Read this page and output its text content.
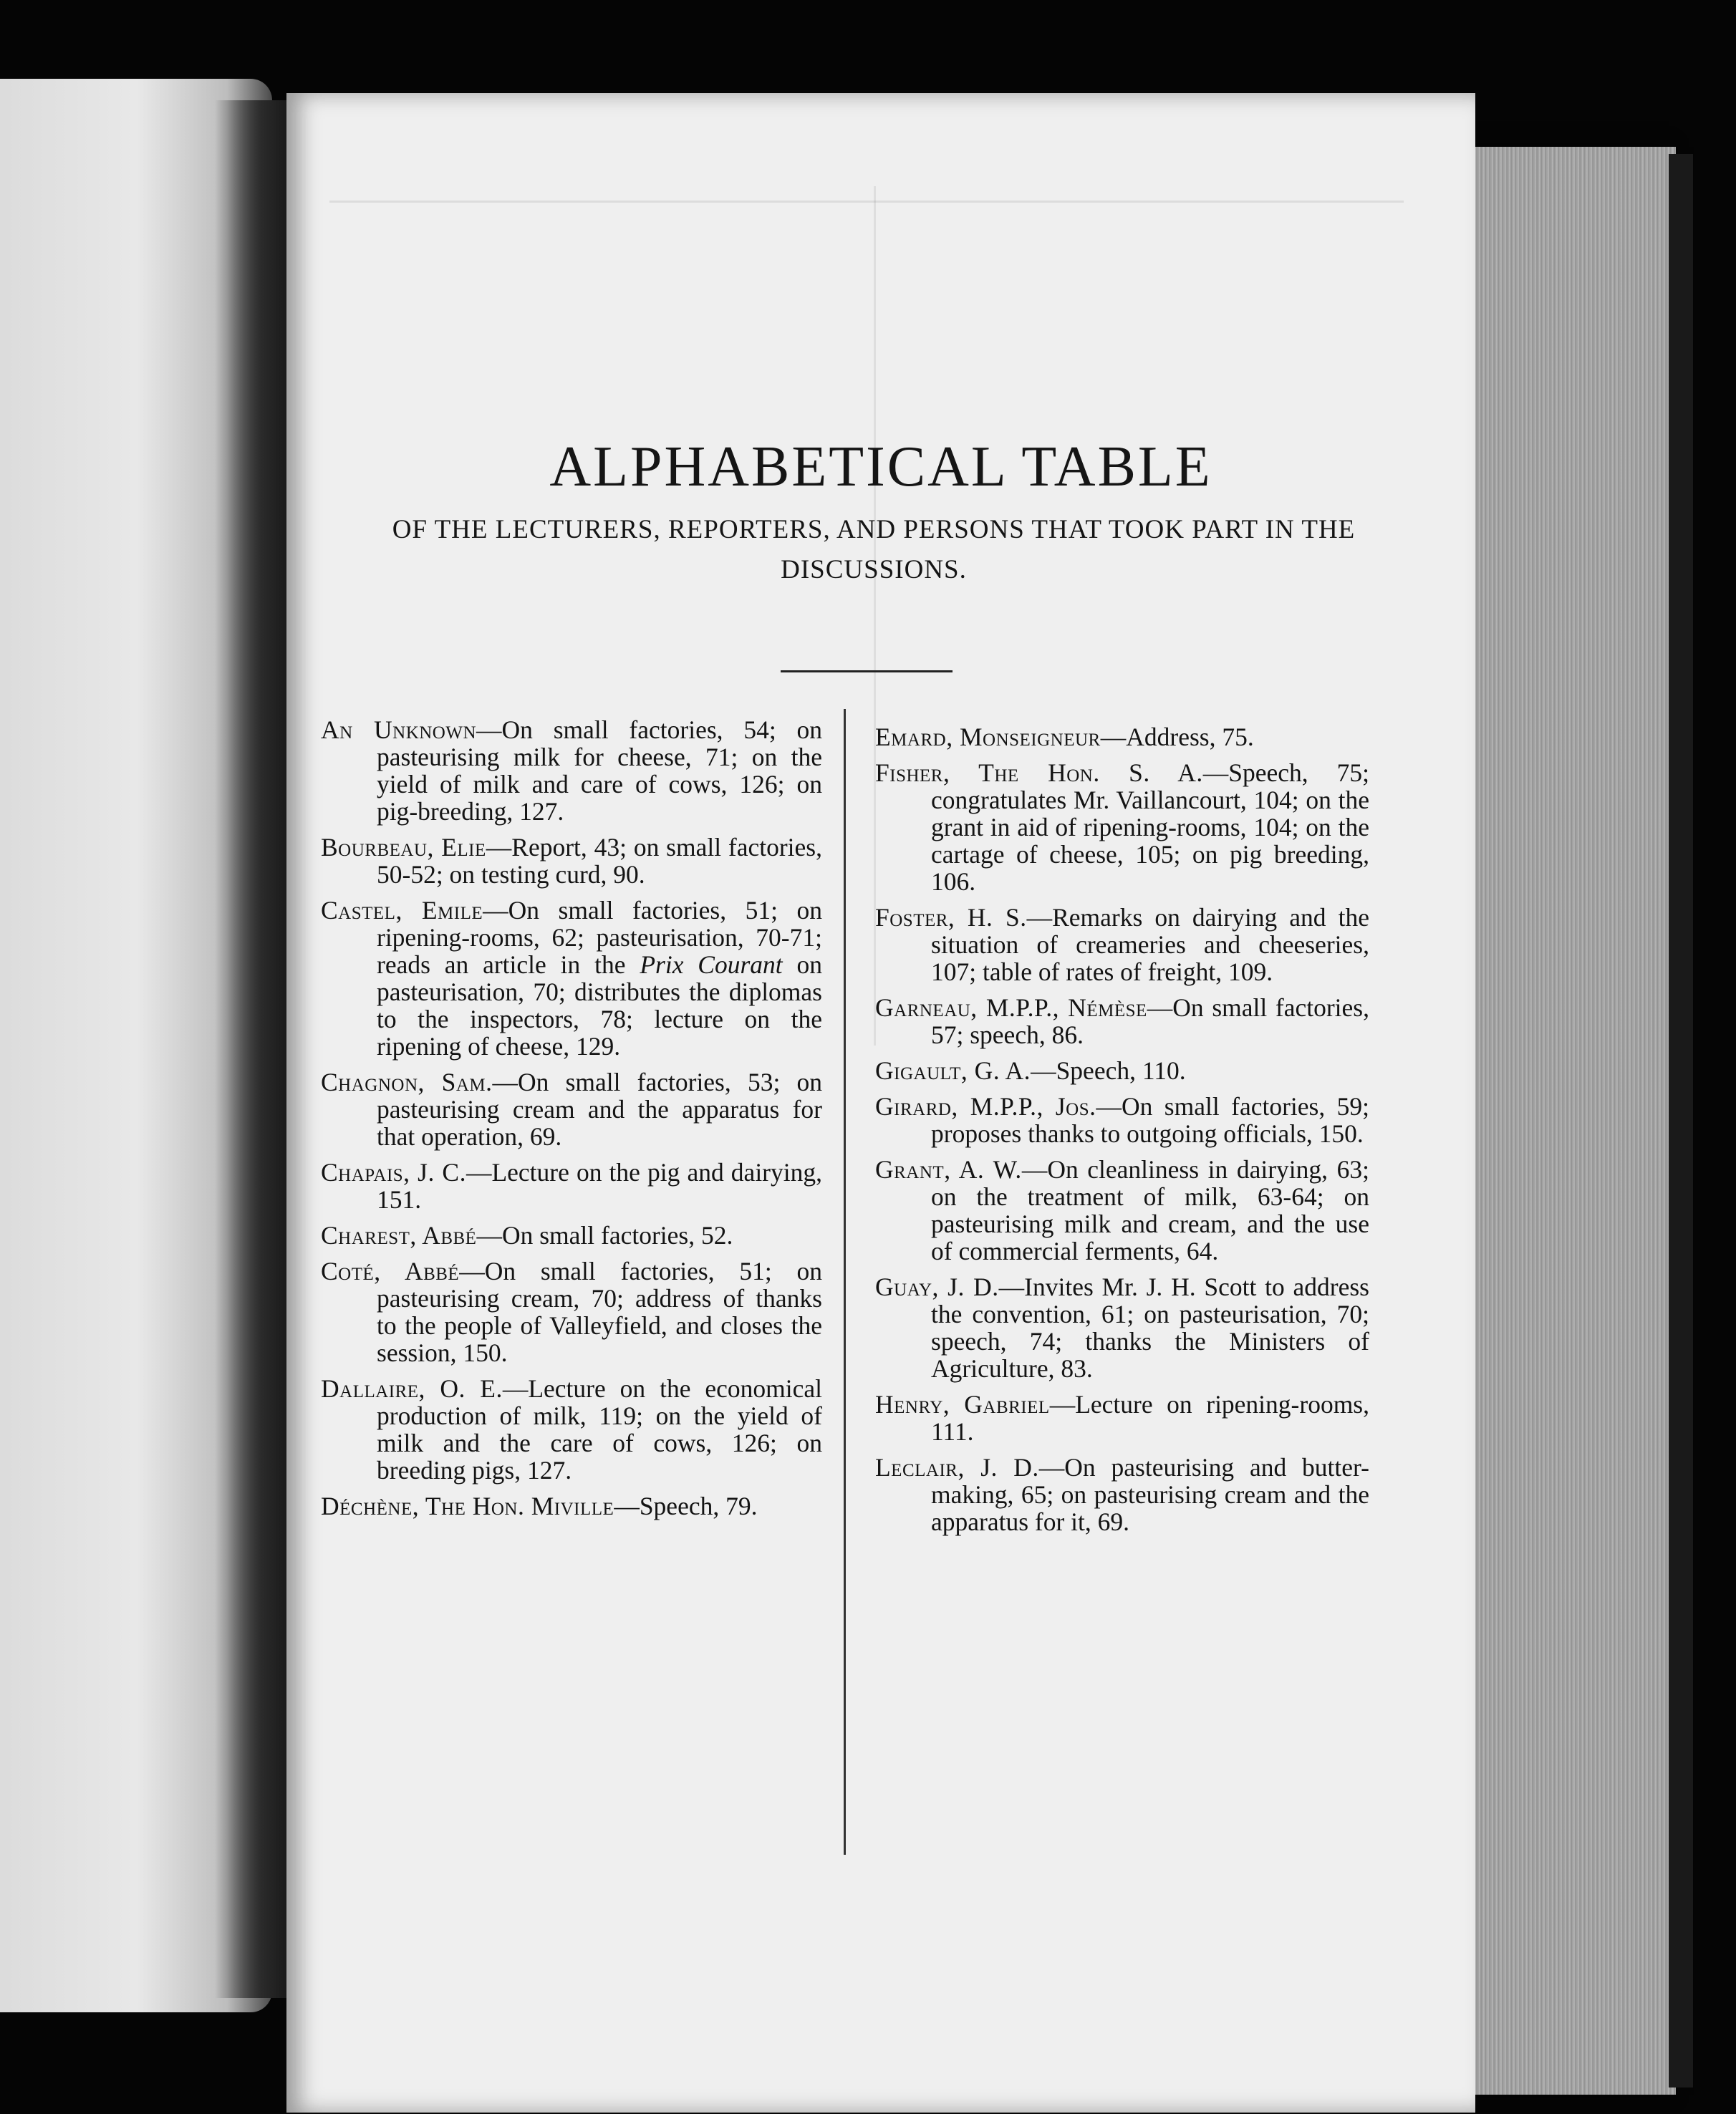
ALPHABETICAL TABLE
OF THE LECTURERS, REPORTERS, AND PERSONS THAT TOOK PART IN THE DISCUSSIONS.

An Unknown—On small factories, 54; on pasteurising milk for cheese, 71; on the yield of milk and care of cows, 126; on pig-breeding, 127.

Bourbeau, Elie—Report, 43; on small factories, 50-52; on testing curd, 90.

Castel, Emile—On small factories, 51; on ripening-rooms, 62; pasteurisation, 70-71; reads an article in the Prix Courant on pasteurisation, 70; distributes the diplomas to the inspectors, 78; lecture on the ripening of cheese, 129.

Chagnon, Sam.—On small factories, 53; on pasteurising cream and the apparatus for that operation, 69.

Chapais, J. C.—Lecture on the pig and dairying, 151.

Charest, Abbé—On small factories, 52.

Coté, Abbé—On small factories, 51; on pasteurising cream, 70; address of thanks to the people of Valleyfield, and closes the session, 150.

Dallaire, O. E.—Lecture on the economical production of milk, 119; on the yield of milk and the care of cows, 126; on breeding pigs, 127.

Déchène, The Hon. Miville—Speech, 79.

Emard, Monseigneur—Address, 75.

Fisher, The Hon. S. A.—Speech, 75; congratulates Mr. Vaillancourt, 104; on the grant in aid of ripening-rooms, 104; on the cartage of cheese, 105; on pig breeding, 106.

Foster, H. S.—Remarks on dairying and the situation of creameries and cheeseries, 107; table of rates of freight, 109.

Garneau, M.P.P., Némèse—On small factories, 57; speech, 86.

Gigault, G. A.—Speech, 110.

Girard, M.P.P., Jos.—On small factories, 59; proposes thanks to outgoing officials, 150.

Grant, A. W.—On cleanliness in dairying, 63; on the treatment of milk, 63-64; on pasteurising milk and cream, and the use of commercial ferments, 64.

Guay, J. D.—Invites Mr. J. H. Scott to address the convention, 61; on pasteurisation, 70; speech, 74; thanks the Ministers of Agriculture, 83.

Henry, Gabriel—Lecture on ripening-rooms, 111.

Leclair, J. D.—On pasteurising and butter-making, 65; on pasteurising cream and the apparatus for it, 69.
